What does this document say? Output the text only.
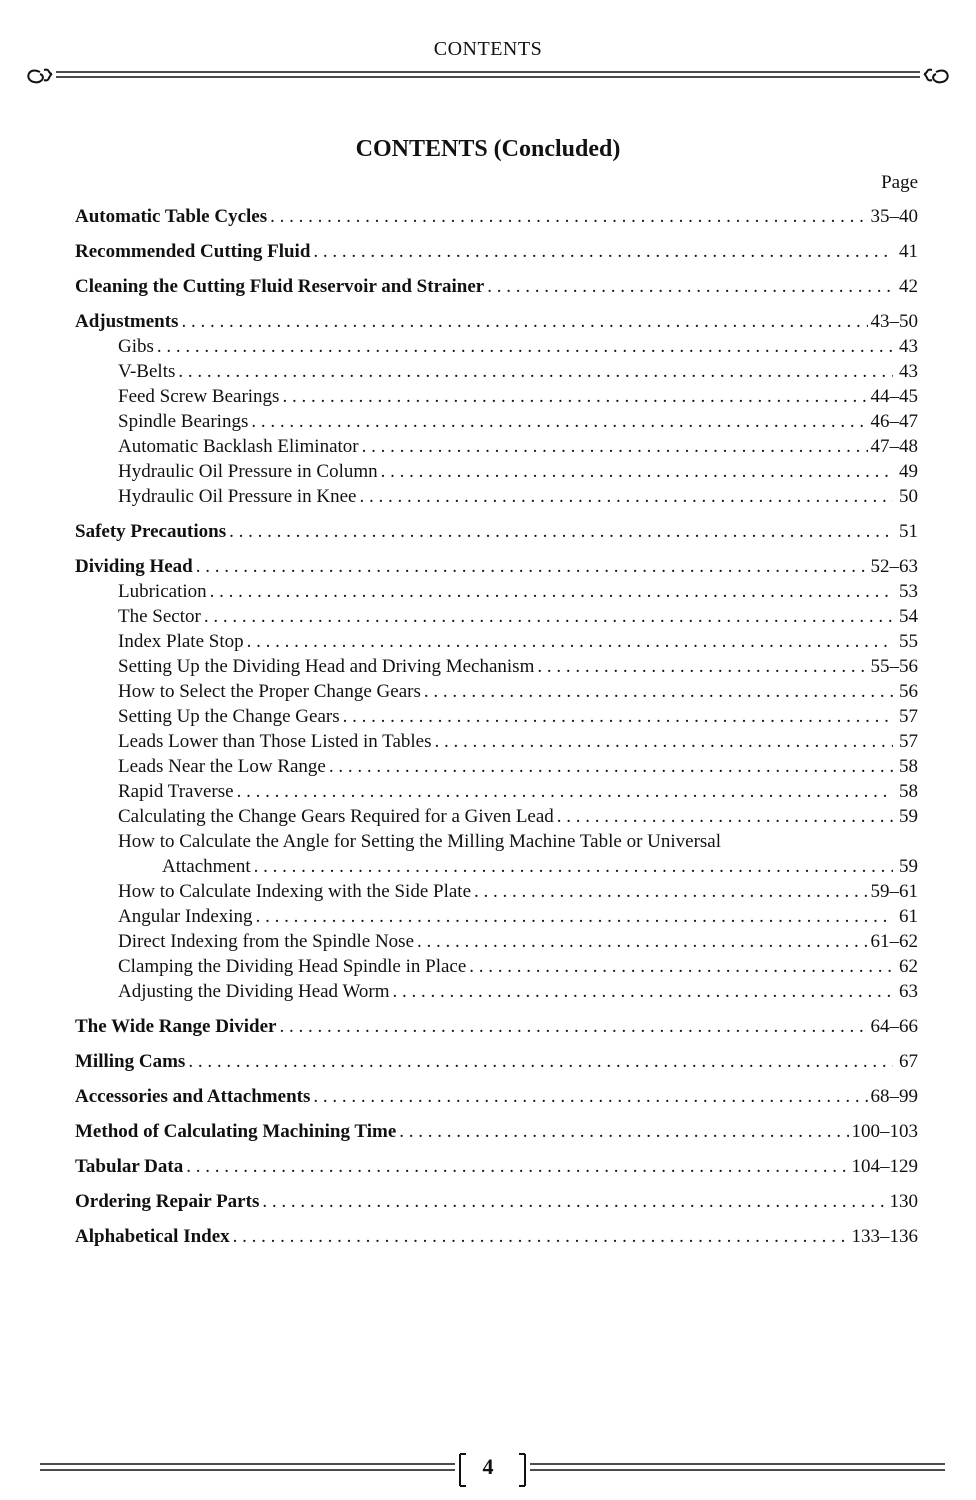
CONTENTS
CONTENTS (Concluded)
Page
Automatic Table Cycles . . .	35–40
Recommended Cutting Fluid . . .	41
Cleaning the Cutting Fluid Reservoir and Strainer . . .	42
Adjustments . . .	43–50
Gibs . . .	43
V-Belts . . .	43
Feed Screw Bearings . . .	44–45
Spindle Bearings . . .	46–47
Automatic Backlash Eliminator . . .	47–48
Hydraulic Oil Pressure in Column . . .	49
Hydraulic Oil Pressure in Knee . . .	50
Safety Precautions . . .	51
Dividing Head . . .	52–63
Lubrication . . .	53
The Sector . . .	54
Index Plate Stop . . .	55
Setting Up the Dividing Head and Driving Mechanism . . .	55–56
How to Select the Proper Change Gears . . .	56
Setting Up the Change Gears . . .	57
Leads Lower than Those Listed in Tables . . .	57
Leads Near the Low Range . . .	58
Rapid Traverse . . .	58
Calculating the Change Gears Required for a Given Lead . . .	59
How to Calculate the Angle for Setting the Milling Machine Table or Universal
Attachment . . .	59
How to Calculate Indexing with the Side Plate . . .	59–61
Angular Indexing . . .	61
Direct Indexing from the Spindle Nose . . .	61–62
Clamping the Dividing Head Spindle in Place . . .	62
Adjusting the Dividing Head Worm . . .	63
The Wide Range Divider . . .	64–66
Milling Cams . . .	67
Accessories and Attachments . . .	68–99
Method of Calculating Machining Time . . .	100–103
Tabular Data . . .	104–129
Ordering Repair Parts . . .	130
Alphabetical Index . . .	133–136
4
